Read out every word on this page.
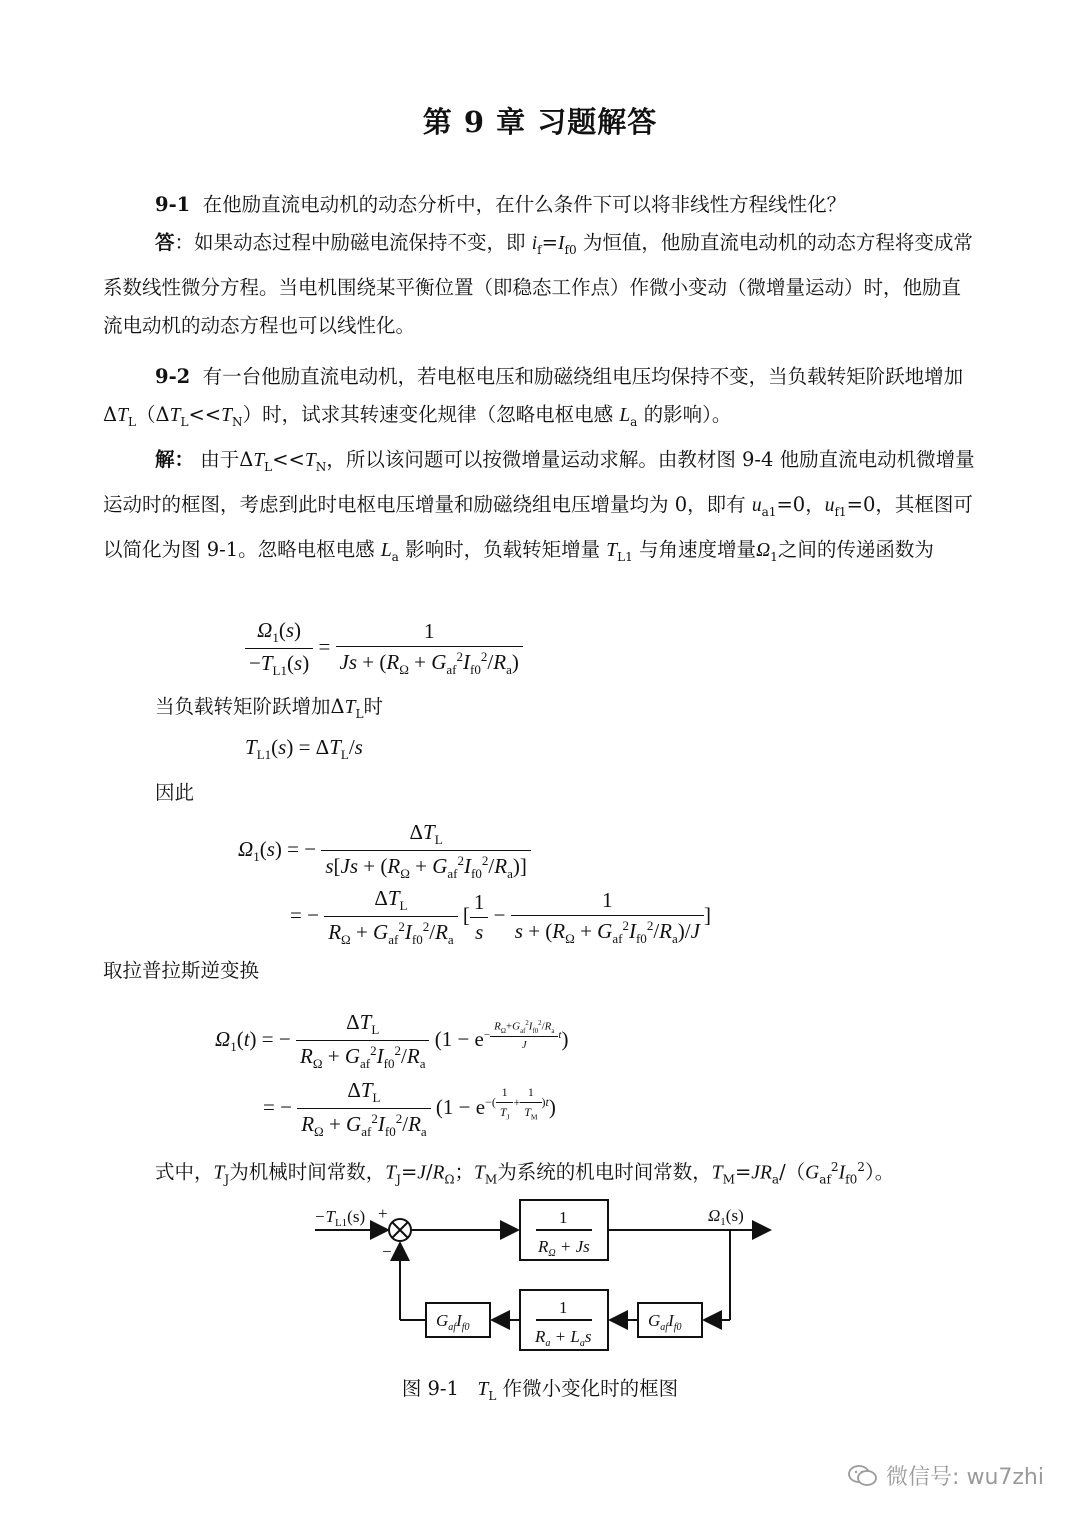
第 9 章 习题解答

9-1 在他励直流电动机的动态分析中，在什么条件下可以将非线性方程线性化？

答：如果动态过程中励磁电流保持不变，即 $i_f=I_{f0}$ 为恒值，他励直流电动机的动态方程将变成常系数线性微分方程。当电机围绕某平衡位置（即稳态工作点）作微小变动（微增量运动）时，他励直流电动机的动态方程也可以线性化。

9-2 有一台他励直流电动机，若电枢电压和励磁绕组电压均保持不变，当负载转矩阶跃地增加$\Delta T_L(\Delta T_L<<T_N)$时，试求其转速变化规律（忽略电枢电感 $L_a$ 的影响）。

解： 由于$\Delta T_L<<T_N$，所以该问题可以按微增量运动求解。由教材图 9-4 他励直流电动机微增量运动时的框图，考虑到此时电枢电压增量和励磁绕组电压增量均为 0，即有 $u_{a1}=0$，$u_{f1}=0$，其框图可以简化为图 9-1。忽略电枢电感 $L_a$ 影响时，负载转矩增量 $T_{L1}$ 与角速度增量$\Omega_1$之间的传递函数为

$\frac{\Omega_1(s)}{-T_{L1}(s)} = \frac{1}{Js + (R_\Omega + G_{af}^2I_{f0}^2/R_a)}$

当负载转矩阶跃增加$\Delta T_L$时

$T_{L1}(s) = \Delta T_L/s$

因此

$\Omega_1(s)$ = − $\frac{\Delta T_L}{s[Js + (R_\Omega + G_{af}^2I_{f0}^2/R_a)]}$
= − $\frac{\Delta T_L}{R_\Omega + G_{af}^2I_{f0}^2/R_a}$ [ $\frac{1}{s} - \frac{1}{s + (R_\Omega + G_{af}^2I_{f0}^2/R_a)/J}$ ]

取拉普拉斯逆变换

$\Omega_1(t)$ = − $\frac{\Delta T_L}{R_\Omega + G_{af}^2I_{f0}^2/R_a} (1 - e^{- \frac{R_\Omega+G_{af}^2I_{f0}^2/R_a}{J} t})$
= − $\frac{\Delta T_L}{R_\Omega + G_{af}^2I_{f0}^2/R_a} (1 - e^{-( \frac{1}{T_J} + \frac{1}{T_M} )t})$

式中，$T_J$为机械时间常数，$T_J=J/R_\Omega$；$T_M$为系统的机电时间常数，$T_M=JR_a/(G_{af}^2I_{f0}^2)$。

$-T_{L1}(s)$ +
−
$\Omega_1(s)$
1
$R_\Omega + Js$
1
$R_a + L_as$
$G_{af}I_{f0}$
$G_{af}I_{f0}$
图 9-1 $T_L$ 作微小变化时的框图
微信号: wu7zhi
